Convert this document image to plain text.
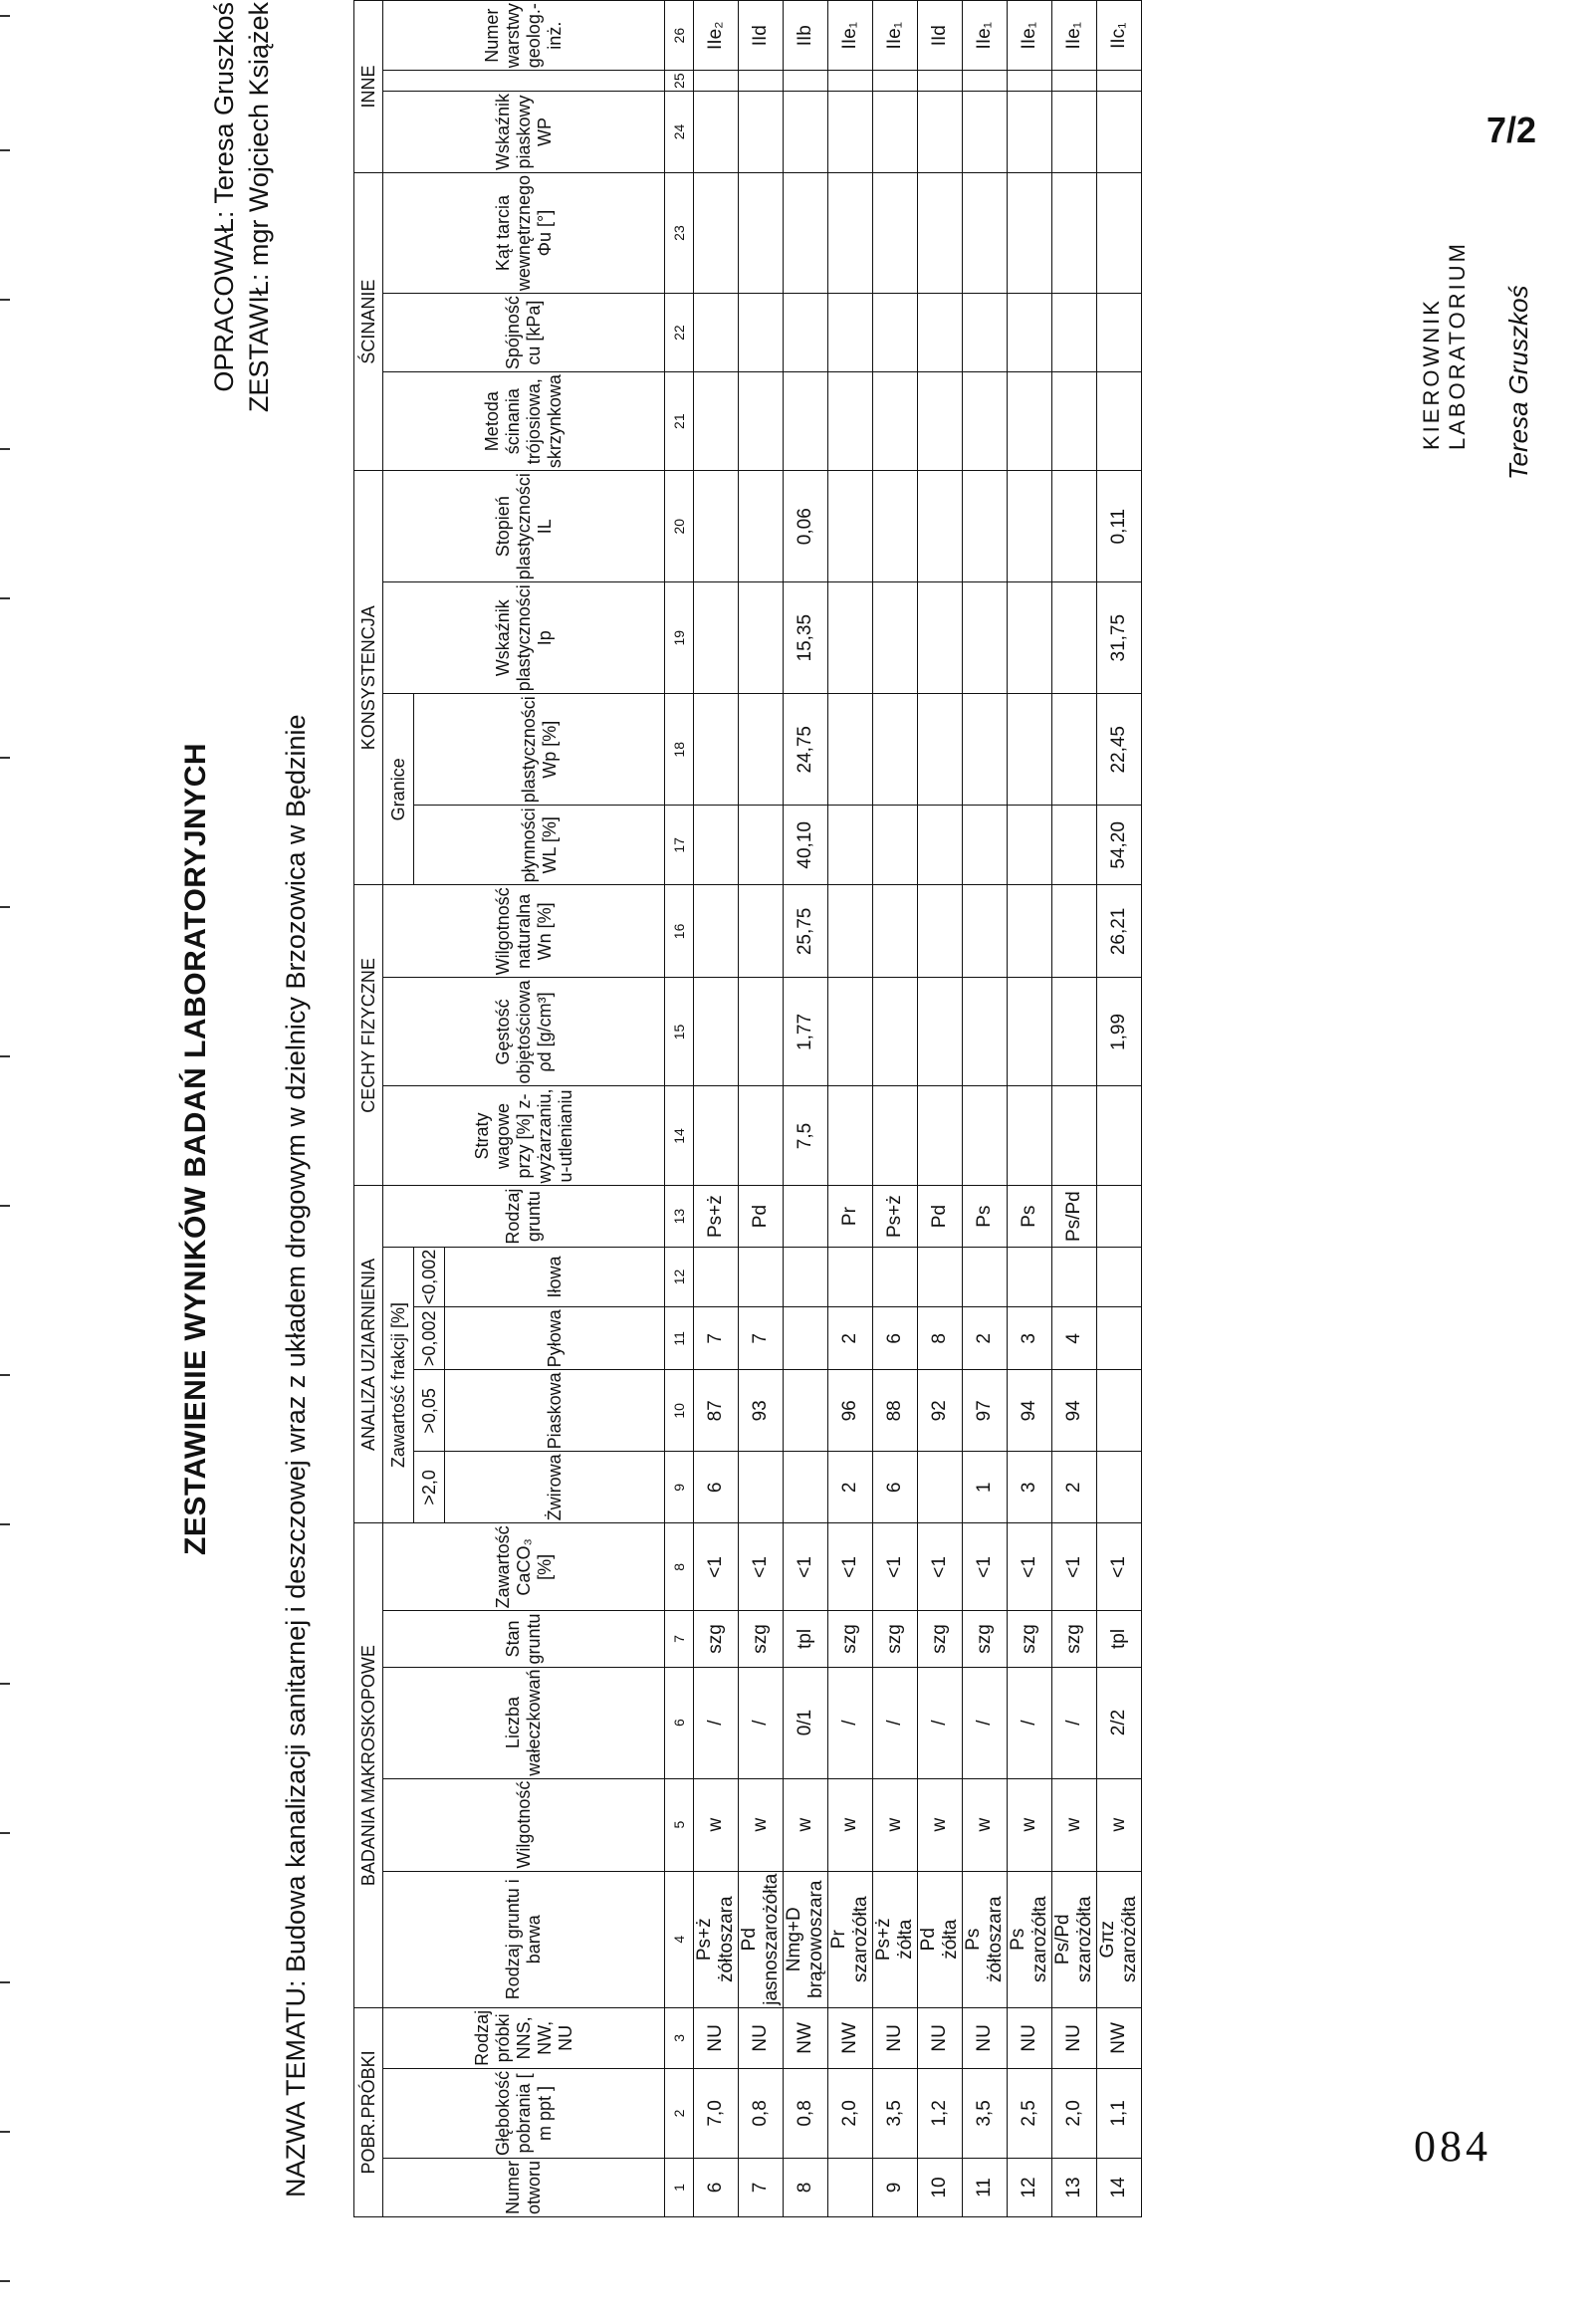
084
ZESTAWIENIE WYNIKÓW BADAŃ LABORATORYJNYCH	NAZWA TEMATU: Budowa kanalizacji sanitarnej i deszczowej wraz z układem drogowym w dzielnicy Brzozowica w Będzinie
OPRACOWAŁ: Teresa Gruszkoś ZESTAWIŁ: mgr Wojciech Książek	KIEROWNIK LABORATORIUM Teresa Gruszkoś
POBR.PRÓBKI			BADANIA MAKROSKOPOWE					ANALIZA UZIARNIENIA					CECHY FIZYCZNE			KONSYSTENCJA				ŚCINANIE			INNE		
Numer otworu	Głębokość pobrania [ m ppt ]	Rodzaj próbki NNS, NW, NU	Rodzaj gruntu i barwa	Wilgotność	Liczba wałeczkowań	Stan gruntu	Zawartość CaCO₃ [%]	Zawartość frakcji [%]				Rodzaj gruntu	Straty wagowe przy [%] z-wyżarzaniu, u-utlenianiu	Gęstość objętościowa ρd [g/cm³]	Wilgotność naturalna Wn [%]	Granice		Wskaźnik plastyczności Ip	Stopień plastyczności IL	Metoda ścinania trójosiowa, skrzynkowa	Spójność cu [kPa]	Kąt tarcia wewnętrznego Φu [°]	Wskaźnik piaskowy WP		Numer warstwy geolog.-inż.
								>2,0	>0,05	>0,002	<0,002					płynności WL [%]	plastyczności Wp [%]								
								Żwirowa	Piaskowa	Pyłowa	Iłowa														
1	2	3	4	5	6	7	8	9	10	11	12	13	14	15	16	17	18	19	20	21	22	23	24	25	26
6	7,0	NU	Ps+żżółtoszara	w	/	szg	<1	6	87	7		Ps+ż													IIe₂
7	0,8	NU	Pdjasnoszarożółta	w	/	szg	<1		93	7		Pd													IId
8	0,8	NW	Nmg+Dbrązowoszara	w	0/1	tpl	<1						7,5	1,77	25,75	40,10	24,75	15,35	0,06						IIb
	2,0	NW	Prszarożółta	w	/	szg	<1	2	96	2		Pr													IIe₁
9	3,5	NU	Ps+żżółta	w	/	szg	<1	6	88	6		Ps+ż													IIe₁
10	1,2	NU	Pdżółta	w	/	szg	<1		92	8		Pd													IId
11	3,5	NU	Psżółtoszara	w	/	szg	<1	1	97	2		Ps													IIe₁
12	2,5	NU	Psszarożółta	w	/	szg	<1	3	94	3		Ps													IIe₁
13	2,0	NU	Ps/Pdszarożółta	w	/	szg	<1	2	94	4		Ps/Pd													IIe₁
14	1,1	NW	Gπzszarożółta	w	2/2	tpl	<1							1,99	26,21	54,20	22,45	31,75	0,11						IIc₁
7/2
